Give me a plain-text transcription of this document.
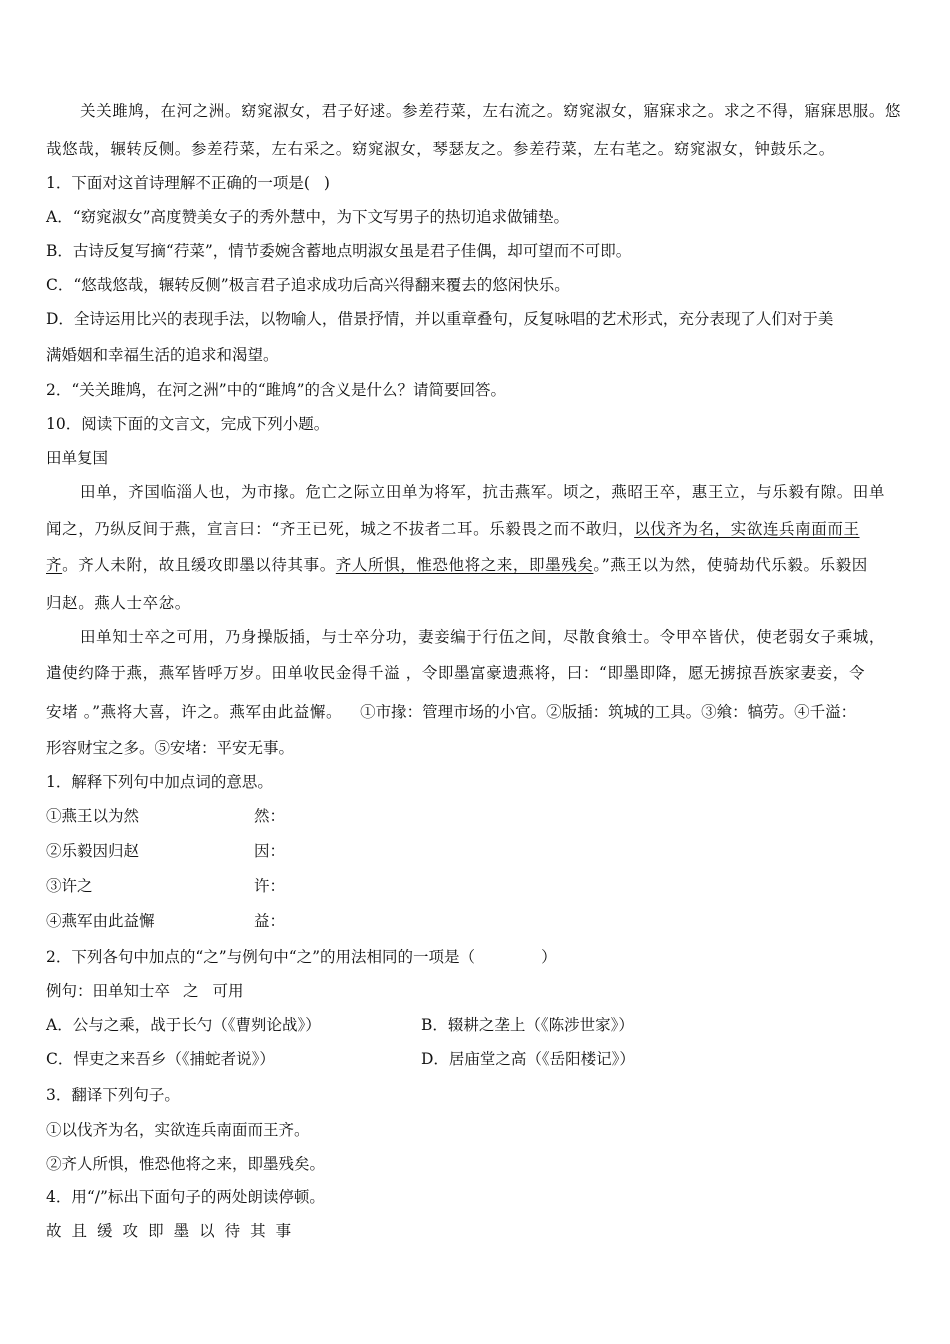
关关雎鸠，在河之洲。窈窕淑女，君子好逑。参差荇菜，左右流之。窈窕淑女，寤寐求之。求之不得，寤寐思服。悠
哉悠哉，辗转反侧。参差荇菜，左右采之。窈窕淑女，琴瑟友之。参差荇菜，左右芼之。窈窕淑女，钟鼓乐之。
1．下面对这首诗理解不正确的一项是( )
A．“窈窕淑女”高度赞美女子的秀外慧中，为下文写男子的热切追求做铺垫。
B．古诗反复写摘“荇菜”，情节委婉含蓄地点明淑女虽是君子佳偶，却可望而不可即。
C．“悠哉悠哉，辗转反侧”极言君子追求成功后高兴得翻来覆去的悠闲快乐。
D．全诗运用比兴的表现手法，以物喻人，借景抒情，并以重章叠句，反复咏唱的艺术形式，充分表现了人们对于美
满婚姻和幸福生活的追求和渴望。
2．“关关雎鸠，在河之洲”中的“雎鸠”的含义是什么？请简要回答。
10．阅读下面的文言文，完成下列小题。
田单复国
田单，齐国临淄人也，为市掾。危亡之际立田单为将军，抗击燕军。顷之，燕昭王卒，惠王立，与乐毅有隙。田单
闻之，乃纵反间于燕，宣言曰：“齐王已死，城之不拔者二耳。乐毅畏之而不敢归，以伐齐为名，实欲连兵南面而王
齐。齐人未附，故且缓攻即墨以待其事。齐人所惧，惟恐他将之来，即墨残矣。”燕王以为然，使骑劫代乐毅。乐毅因
归赵。燕人士卒忿。
田单知士卒之可用，乃身操版插，与士卒分功，妻妾编于行伍之间，尽散食飨士。令甲卒皆伏，使老弱女子乘城，
遣使约降于燕，燕军皆呼万岁。田单收民金得千溢 ，令即墨富豪遗燕将，曰：“即墨即降，愿无掳掠吾族家妻妾，令
安堵 。”燕将大喜，许之。燕军由此益懈。 ①市掾：管理市场的小官。②版插：筑城的工具。③飨：犒劳。④千溢：
形容财宝之多。⑤安堵：平安无事。
1．解释下列句中加点词的意思。
①燕王以为然	然：
②乐毅因归赵	因：
③许之	许：
④燕军由此益懈	益：
2．下列各句中加点的“之”与例句中“之”的用法相同的一项是（	）
例句：田单知士卒 之 可用
A．公与之乘，战于长勺（《曹刿论战》）	B．辍耕之垄上（《陈涉世家》）
C．悍吏之来吾乡（《捕蛇者说》）	D．居庙堂之高（《岳阳楼记》）
3．翻译下列句子。
①以伐齐为名，实欲连兵南面而王齐。
②齐人所惧，惟恐他将之来，即墨残矣。
4．用“/”标出下面句子的两处朗读停顿。
故且缓攻即墨以待其事
